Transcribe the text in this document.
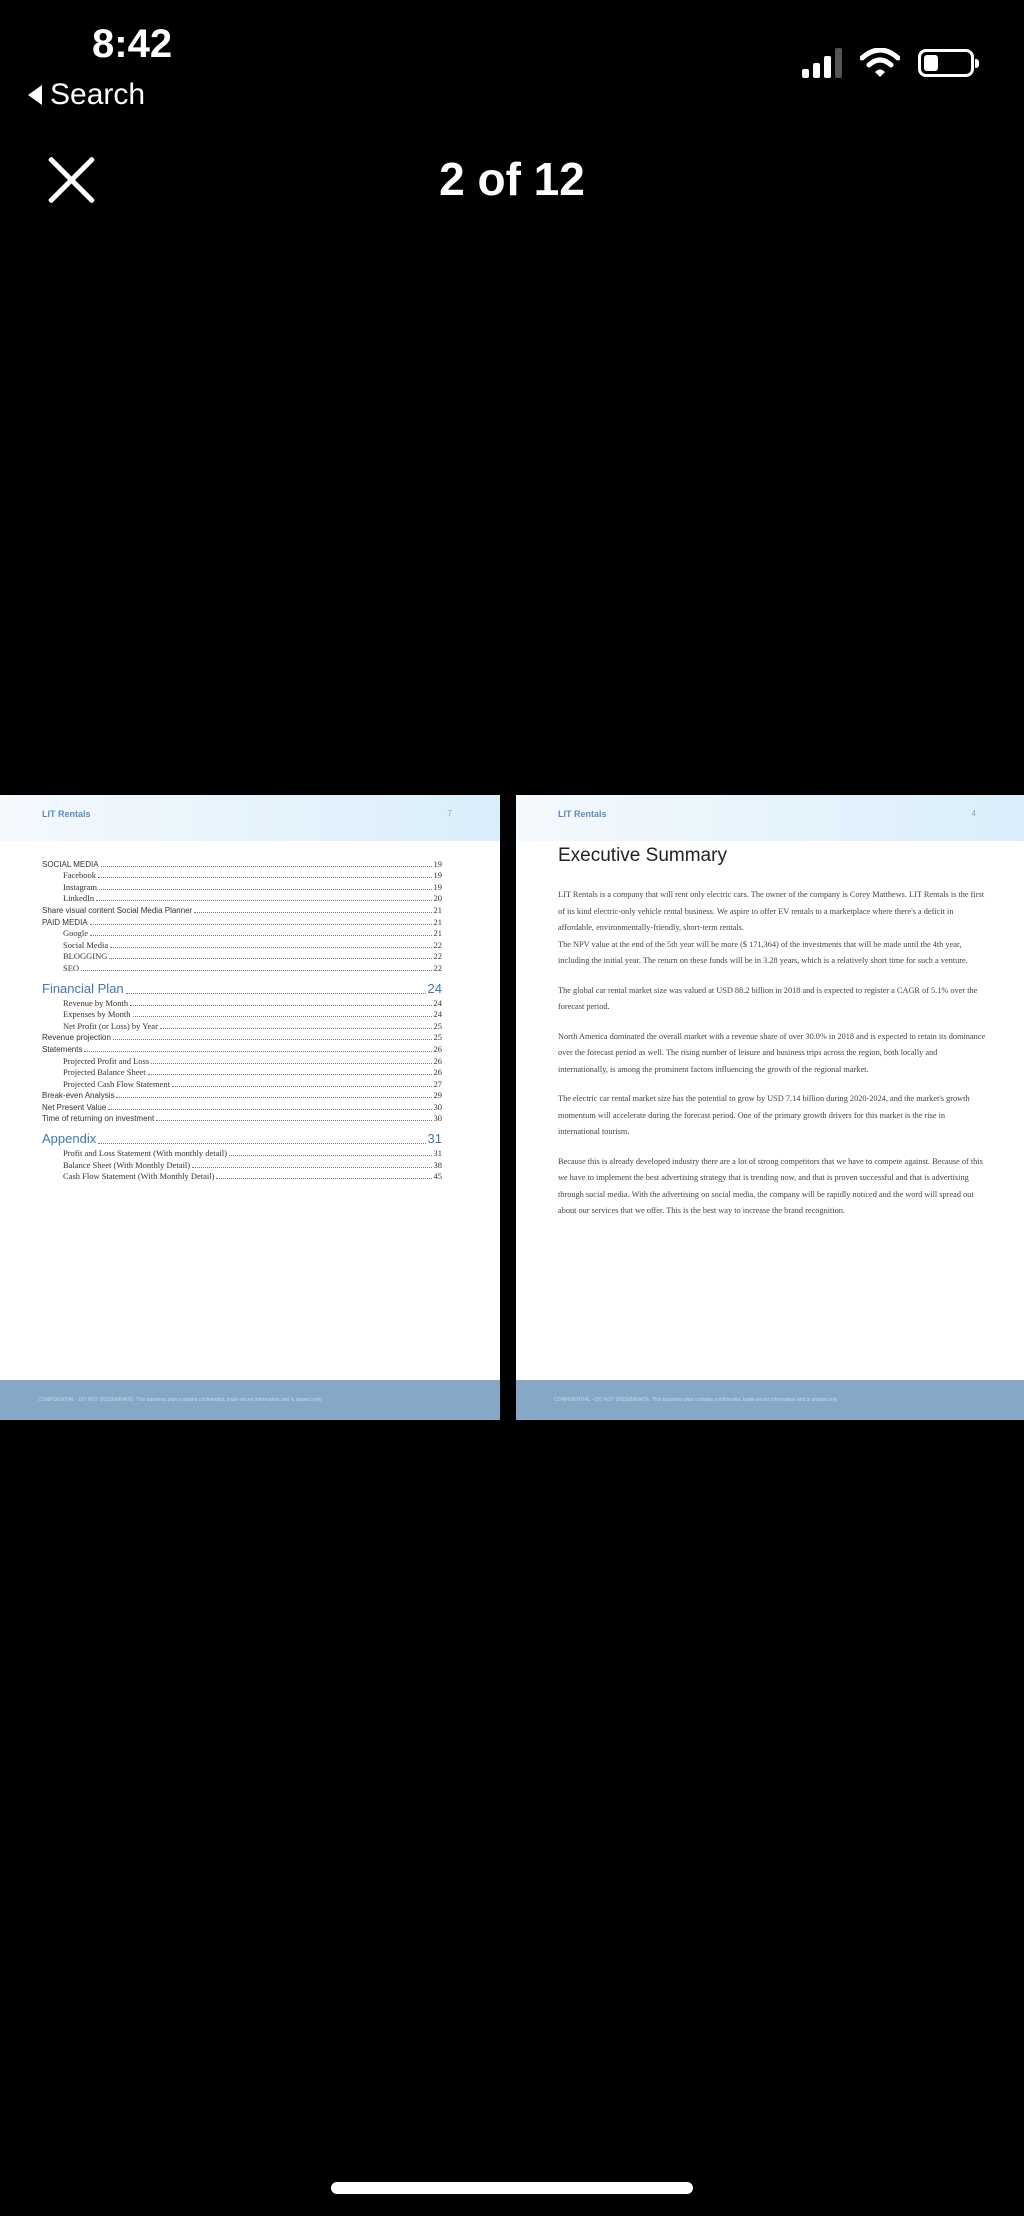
8:42
Search
2 of 12
LIT Rentals	7
SOCIAL MEDIA	19
Facebook	19
Instagram	19
LinkedIn	20
Share visual content Social Media Planner	21
PAID MEDIA	21
Google	21
Social Media	22
BLOGGING	22
SEO	22
Financial Plan	24
Revenue by Month	24
Expenses by Month	24
Net Profit (or Loss) by Year	25
Revenue projection	25
Statements	26
Projected Profit and Loss	26
Projected Balance Sheet	26
Projected Cash Flow Statement	27
Break-even Analysis	29
Net Present Value	30
Time of returning on investment	30
Appendix	31
Profit and Loss Statement (With monthly detail)	31
Balance Sheet (With Monthly Detail)	38
Cash Flow Statement (With Monthly Detail)	45
CONFIDENTIAL - DO NOT DISSEMINATE. This business plan contains confidential, trade-secret information and is shared only
LIT Rentals	4
Executive Summary

LIT Rentals is a company that will rent only electric cars. The owner of the company is Corey Matthews. LIT Rentals is the first of its kind electric-only vehicle rental business. We aspire to offer EV rentals to a marketplace where there's a deficit in affordable, environmentally-friendly, short-term rentals.
The NPV value at the end of the 5th year will be more ($ 171,364) of the investments that will be made until the 4th year, including the initial year. The return on these funds will be in 3.28 years, which is a relatively short time for such a venture.

The global car rental market size was valued at USD 88.2 billion in 2018 and is expected to register a CAGR of 5.1% over the forecast period.

North America dominated the overall market with a revenue share of over 30.0% in 2018 and is expected to retain its dominance over the forecast period as well. The rising number of leisure and business trips across the region, both locally and internationally, is among the prominent factors influencing the growth of the regional market.

The electric car rental market size has the potential to grow by USD 7.14 billion during 2020-2024, and the market's growth momentum will accelerate during the forecast period. One of the primary growth drivers for this market is the rise in international tourism.

Because this is already developed industry there are a lot of strong competitors that we have to compete against. Because of this we have to implement the best advertising strategy that is trending now, and that is proven successful and that is advertising through social media. With the advertising on social media, the company will be rapidly noticed and the word will spread out about our services that we offer. This is the best way to increase the brand recognition.

CONFIDENTIAL - DO NOT DISSEMINATE. This business plan contains confidential, trade-secret information and is shared only
